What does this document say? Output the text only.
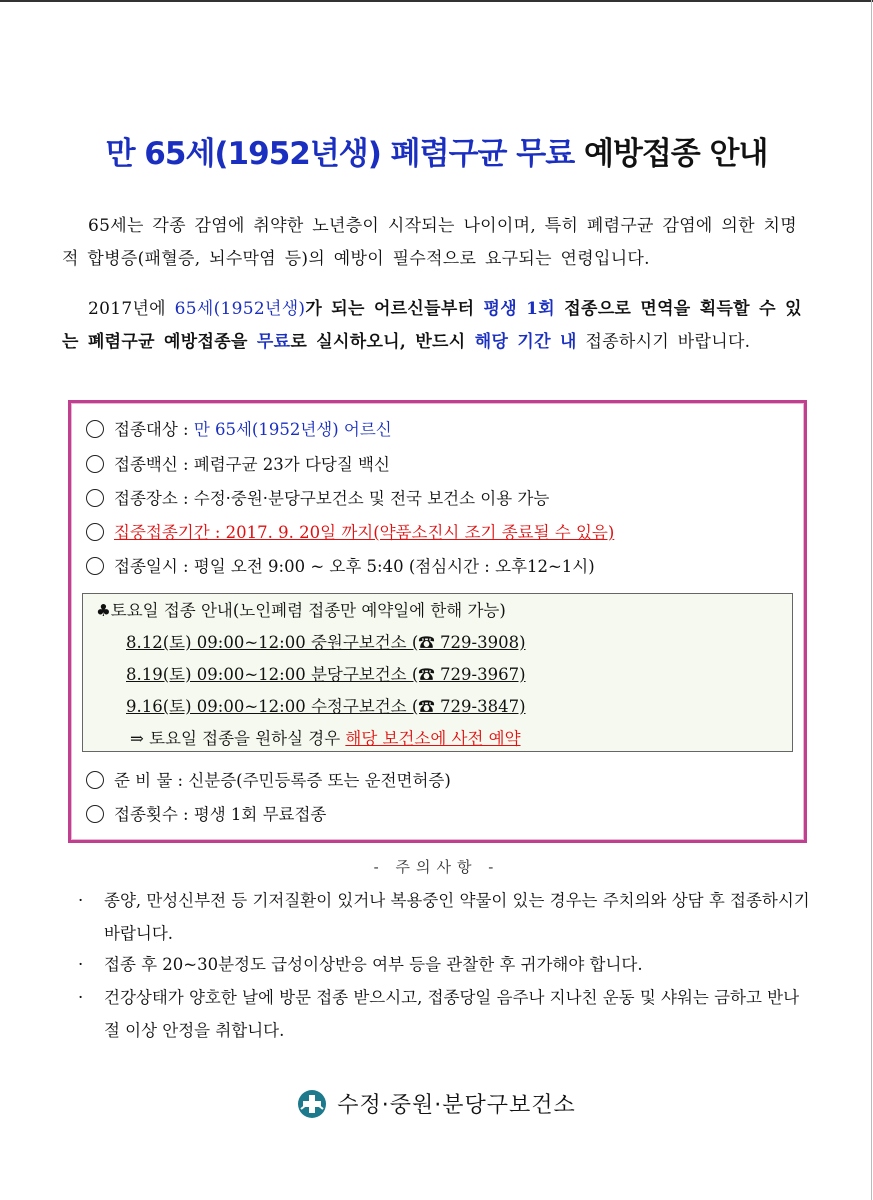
만 65세(1952년생) 폐렴구균 무료 예방접종 안내
65세는 각종 감염에 취약한 노년층이 시작되는 나이이며, 특히 폐렴구균 감염에 의한 치명적 합병증(패혈증, 뇌수막염 등)의 예방이 필수적으로 요구되는 연령입니다.
2017년에 65세(1952년생)가 되는 어르신들부터 평생 1회 접종으로 면역을 획득할 수 있는 폐렴구균 예방접종을 무료로 실시하오니, 반드시 해당 기간 내 접종하시기 바랍니다.
접종대상 : 만 65세(1952년생) 어르신
접종백신 : 폐렴구균 23가 다당질 백신
접종장소 : 수정·중원·분당구보건소 및 전국 보건소 이용 가능
집중접종기간 : 2017. 9. 20일 까지(약품소진시 조기 종료될 수 있음)
접종일시 : 평일 오전 9:00 ~ 오후 5:40 (점심시간 : 오후12~1시)
♣토요일 접종 안내(노인폐렴 접종만 예약일에 한해 가능)
8.12(토) 09:00~12:00 중원구보건소 (☎ 729-3908)
8.19(토) 09:00~12:00 분당구보건소 (☎ 729-3967)
9.16(토) 09:00~12:00 수정구보건소 (☎ 729-3847)
⇒ 토요일 접종을 원하실 경우 해당 보건소에 사전 예약
준 비 물 : 신분증(주민등록증 또는 운전면허증)
접종횟수 : 평생 1회 무료접종
- 주의사항 -
·	종양, 만성신부전 등 기저질환이 있거나 복용중인 약물이 있는 경우는 주치의와 상담 후 접종하시기 바랍니다.
·	접종 후 20~30분정도 급성이상반응 여부 등을 관찰한 후 귀가해야 합니다.
·	건강상태가 양호한 날에 방문 접종 받으시고, 접종당일 음주나 지나친 운동 및 샤워는 금하고 반나절 이상 안정을 취합니다.
수정·중원·분당구보건소
